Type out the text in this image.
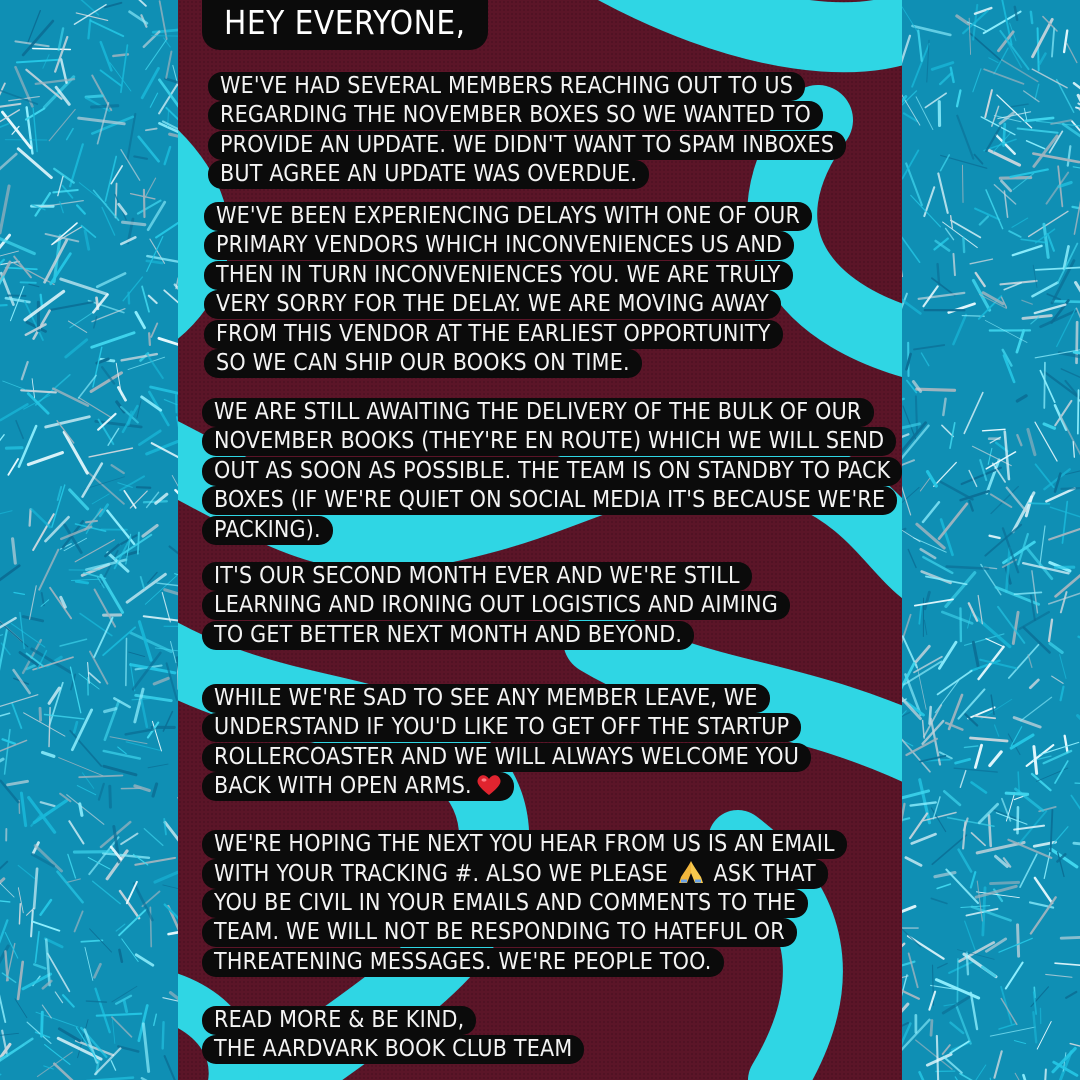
HEY EVERYONE,
WE'VE HAD SEVERAL MEMBERS REACHING OUT TO US
REGARDING THE NOVEMBER BOXES SO WE WANTED TO
PROVIDE AN UPDATE. WE DIDN'T WANT TO SPAM INBOXES
BUT AGREE AN UPDATE WAS OVERDUE.
WE'VE BEEN EXPERIENCING DELAYS WITH ONE OF OUR
PRIMARY VENDORS WHICH INCONVENIENCES US AND
THEN IN TURN INCONVENIENCES YOU. WE ARE TRULY
VERY SORRY FOR THE DELAY. WE ARE MOVING AWAY
FROM THIS VENDOR AT THE EARLIEST OPPORTUNITY
SO WE CAN SHIP OUR BOOKS ON TIME.
WE ARE STILL AWAITING THE DELIVERY OF THE BULK OF OUR
NOVEMBER BOOKS (THEY'RE EN ROUTE) WHICH WE WILL SEND
OUT AS SOON AS POSSIBLE. THE TEAM IS ON STANDBY TO PACK
BOXES (IF WE'RE QUIET ON SOCIAL MEDIA IT'S BECAUSE WE'RE
PACKING).
IT'S OUR SECOND MONTH EVER AND WE'RE STILL
LEARNING AND IRONING OUT LOGISTICS AND AIMING
TO GET BETTER NEXT MONTH AND BEYOND.
WHILE WE'RE SAD TO SEE ANY MEMBER LEAVE, WE
UNDERSTAND IF YOU'D LIKE TO GET OFF THE STARTUP
ROLLERCOASTER AND WE WILL ALWAYS WELCOME YOU
BACK WITH OPEN ARMS.
WE'RE HOPING THE NEXT YOU HEAR FROM US IS AN EMAIL
WITH YOUR TRACKING #. ALSO WE PLEASE  ASK THAT
YOU BE CIVIL IN YOUR EMAILS AND COMMENTS TO THE
TEAM. WE WILL NOT BE RESPONDING TO HATEFUL OR
THREATENING MESSAGES. WE'RE PEOPLE TOO.
READ MORE & BE KIND,
THE AARDVARK BOOK CLUB TEAM
